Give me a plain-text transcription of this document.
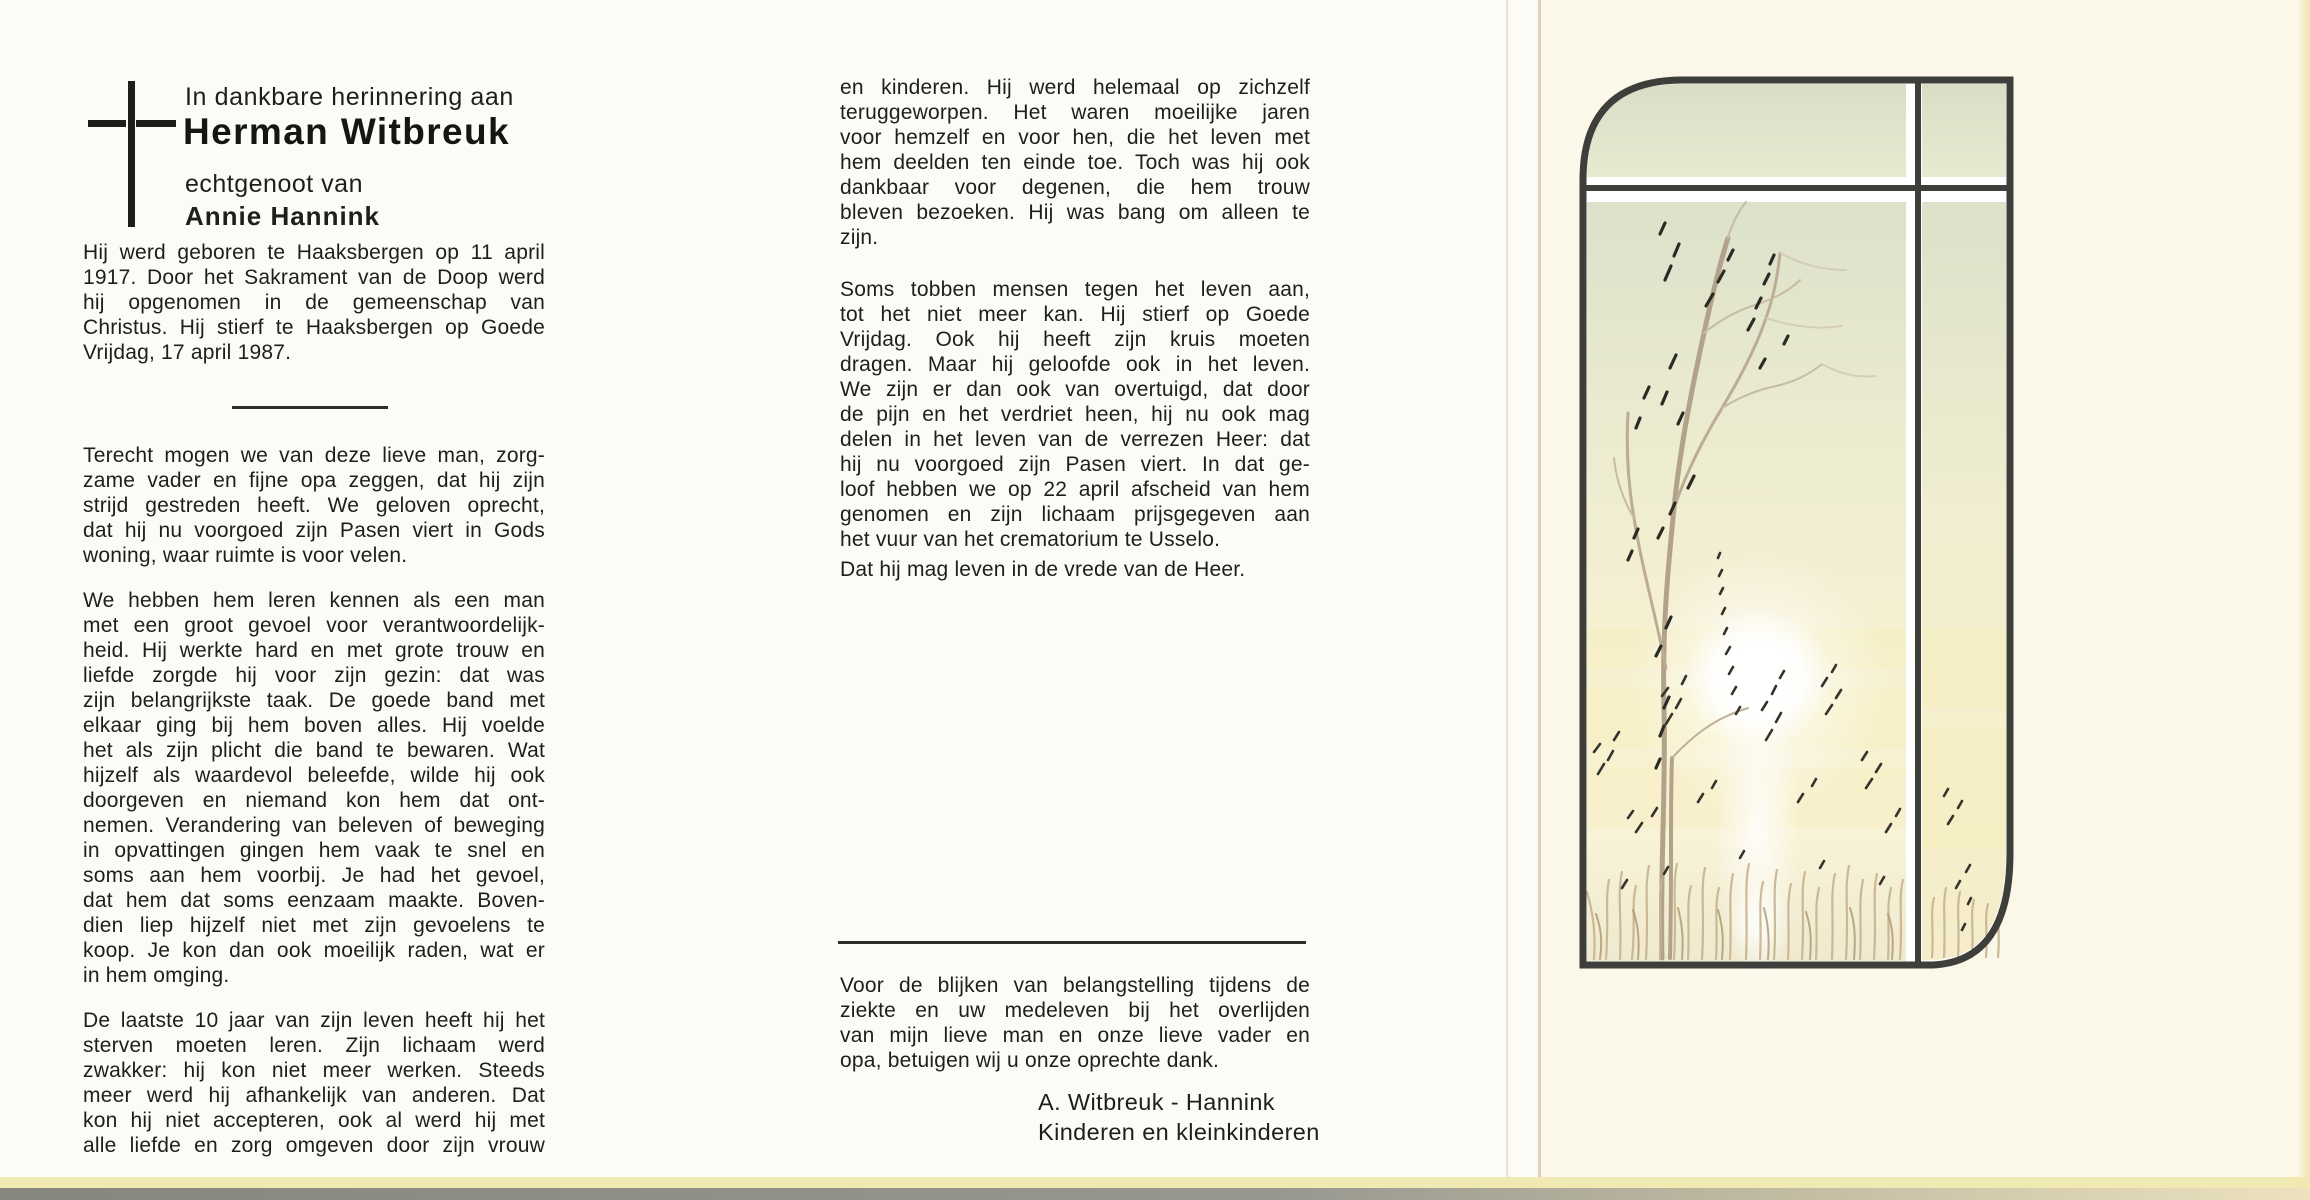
In dankbare herinnering aan
Herman Witbreuk
echtgenoot van
Annie Hannink
Hij werd geboren te Haaksbergen op 11 april
1917. Door het Sakrament van de Doop werd
hij opgenomen in de gemeenschap van
Christus. Hij stierf te Haaksbergen op Goede
Vrijdag, 17 april 1987.
Terecht mogen we van deze lieve man, zorg-
zame vader en fijne opa zeggen, dat hij zijn
strijd gestreden heeft. We geloven oprecht,
dat hij nu voorgoed zijn Pasen viert in Gods
woning, waar ruimte is voor velen.
We hebben hem leren kennen als een man
met een groot gevoel voor verantwoordelijk-
heid. Hij werkte hard en met grote trouw en
liefde zorgde hij voor zijn gezin: dat was
zijn belangrijkste taak. De goede band met
elkaar ging bij hem boven alles. Hij voelde
het als zijn plicht die band te bewaren. Wat
hijzelf als waardevol beleefde, wilde hij ook
doorgeven en niemand kon hem dat ont-
nemen. Verandering van beleven of beweging
in opvattingen gingen hem vaak te snel en
soms aan hem voorbij. Je had het gevoel,
dat hem dat soms eenzaam maakte. Boven-
dien liep hijzelf niet met zijn gevoelens te
koop. Je kon dan ook moeilijk raden, wat er
in hem omging.
De laatste 10 jaar van zijn leven heeft hij het
sterven moeten leren. Zijn lichaam werd
zwakker: hij kon niet meer werken. Steeds
meer werd hij afhankelijk van anderen. Dat
kon hij niet accepteren, ook al werd hij met
alle liefde en zorg omgeven door zijn vrouw
en kinderen. Hij werd helemaal op zichzelf
teruggeworpen. Het waren moeilijke jaren
voor hemzelf en voor hen, die het leven met
hem deelden ten einde toe. Toch was hij ook
dankbaar voor degenen, die hem trouw
bleven bezoeken. Hij was bang om alleen te
zijn.
Soms tobben mensen tegen het leven aan,
tot het niet meer kan. Hij stierf op Goede
Vrijdag. Ook hij heeft zijn kruis moeten
dragen. Maar hij geloofde ook in het leven.
We zijn er dan ook van overtuigd, dat door
de pijn en het verdriet heen, hij nu ook mag
delen in het leven van de verrezen Heer: dat
hij nu voorgoed zijn Pasen viert. In dat ge-
loof hebben we op 22 april afscheid van hem
genomen en zijn lichaam prijsgegeven aan
het vuur van het crematorium te Usselo.
Dat hij mag leven in de vrede van de Heer.
Voor de blijken van belangstelling tijdens de
ziekte en uw medeleven bij het overlijden
van mijn lieve man en onze lieve vader en
opa, betuigen wij u onze oprechte dank.
A. Witbreuk - Hannink
Kinderen en kleinkinderen
